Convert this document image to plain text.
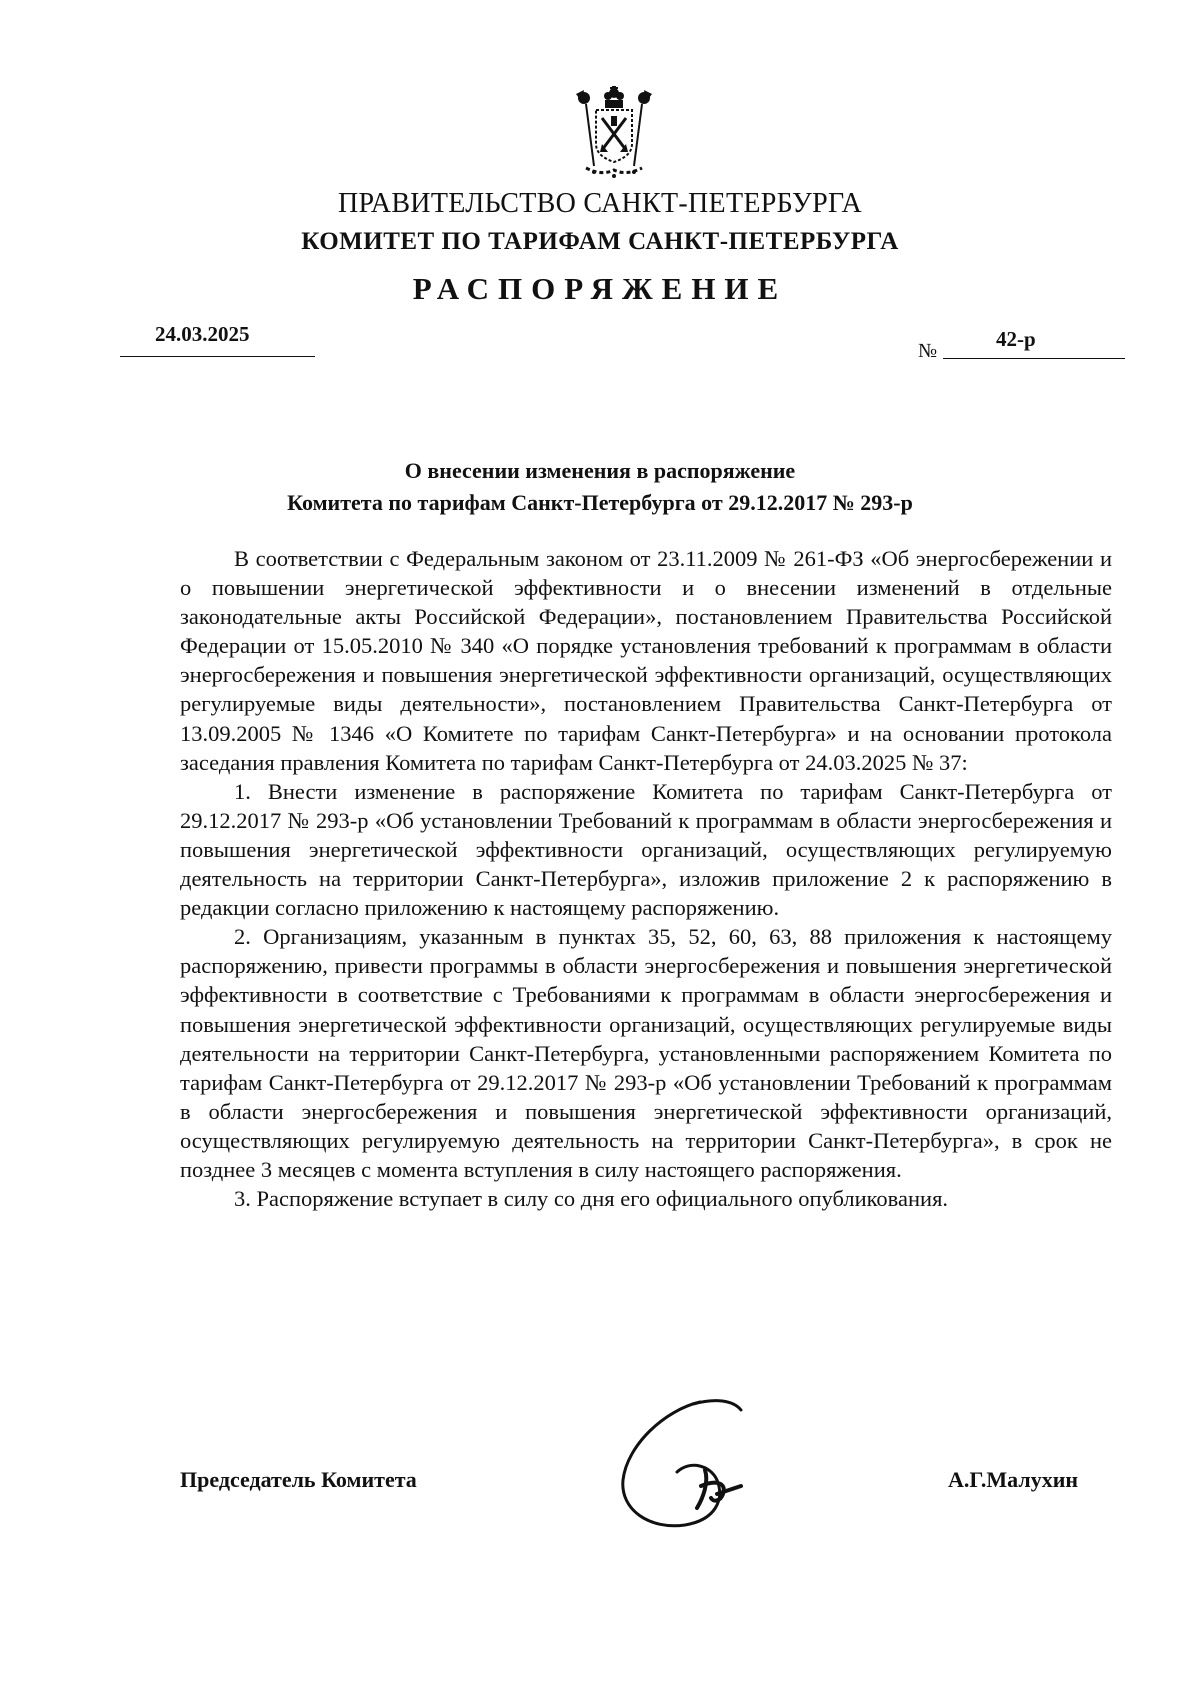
ПРАВИТЕЛЬСТВО САНКТ-ПЕТЕРБУРГА
КОМИТЕТ ПО ТАРИФАМ САНКТ-ПЕТЕРБУРГА
РАСПОРЯЖЕНИЕ
24.03.2025
№	42-р
О внесении изменения в распоряжение
Комитета по тарифам Санкт-Петербурга от 29.12.2017 № 293-р

В соответствии с Федеральным законом от 23.11.2009 № 261-ФЗ «Об энергосбережении и о повышении энергетической эффективности и о внесении изменений в отдельные законодательные акты Российской Федерации», постановлением Правительства Российской Федерации от 15.05.2010 № 340 «О порядке установления требований к программам в области энергосбережения и повышения энергетической эффективности организаций, осуществляющих регулируемые виды деятельности», постановлением Правительства Санкт-Петербурга от 13.09.2005 № 1346 «О Комитете по тарифам Санкт-Петербурга» и на основании протокола заседания правления Комитета по тарифам Санкт-Петербурга от 24.03.2025 № 37:

1. Внести изменение в распоряжение Комитета по тарифам Санкт-Петербурга от 29.12.2017 № 293-р «Об установлении Требований к программам в области энергосбережения и повышения энергетической эффективности организаций, осуществляющих регулируемую деятельность на территории Санкт-Петербурга», изложив приложение 2 к распоряжению в редакции согласно приложению к настоящему распоряжению.

2. Организациям, указанным в пунктах 35, 52, 60, 63, 88 приложения к настоящему распоряжению, привести программы в области энергосбережения и повышения энергетической эффективности в соответствие с Требованиями к программам в области энергосбережения и повышения энергетической эффективности организаций, осуществляющих регулируемые виды деятельности на территории Санкт-Петербурга, установленными распоряжением Комитета по тарифам Санкт-Петербурга от 29.12.2017 № 293-р «Об установлении Требований к программам в области энергосбережения и повышения энергетической эффективности организаций, осуществляющих регулируемую деятельность на территории Санкт-Петербурга», в срок не позднее 3 месяцев с момента вступления в силу настоящего распоряжения.

3. Распоряжение вступает в силу со дня его официального опубликования.

Председатель Комитета	А.Г.Малухин
